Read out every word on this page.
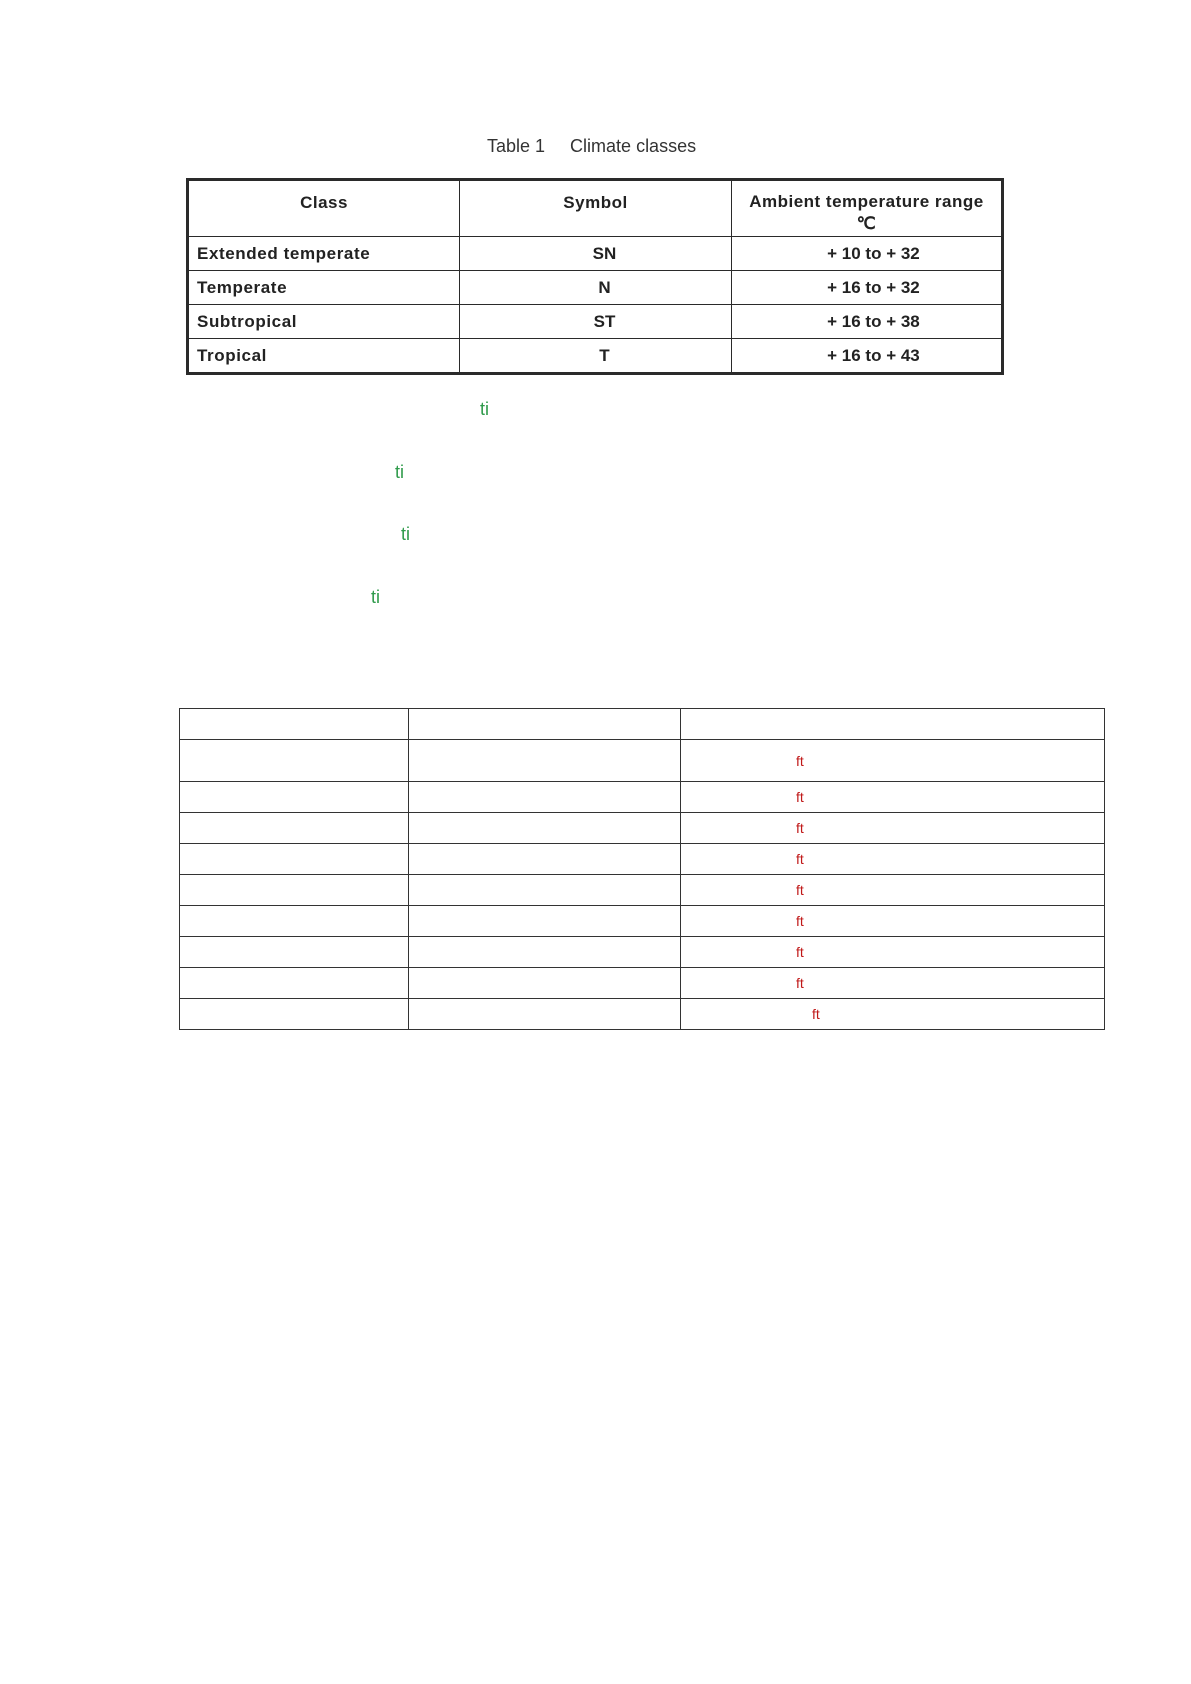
Table 1     Climate classes
Class	Symbol	Ambient temperature range
℃

Extended temperate	SN	+ 10 to + 32
Temperate	N	+ 16 to + 32
Subtropical	ST	+ 16 to + 38
Tropical	T	+ 16 to + 43
ti
ti
ti
ti

		ft

		ft

		ft

		ft

		ft

		ft

		ft

		ft

		ft
